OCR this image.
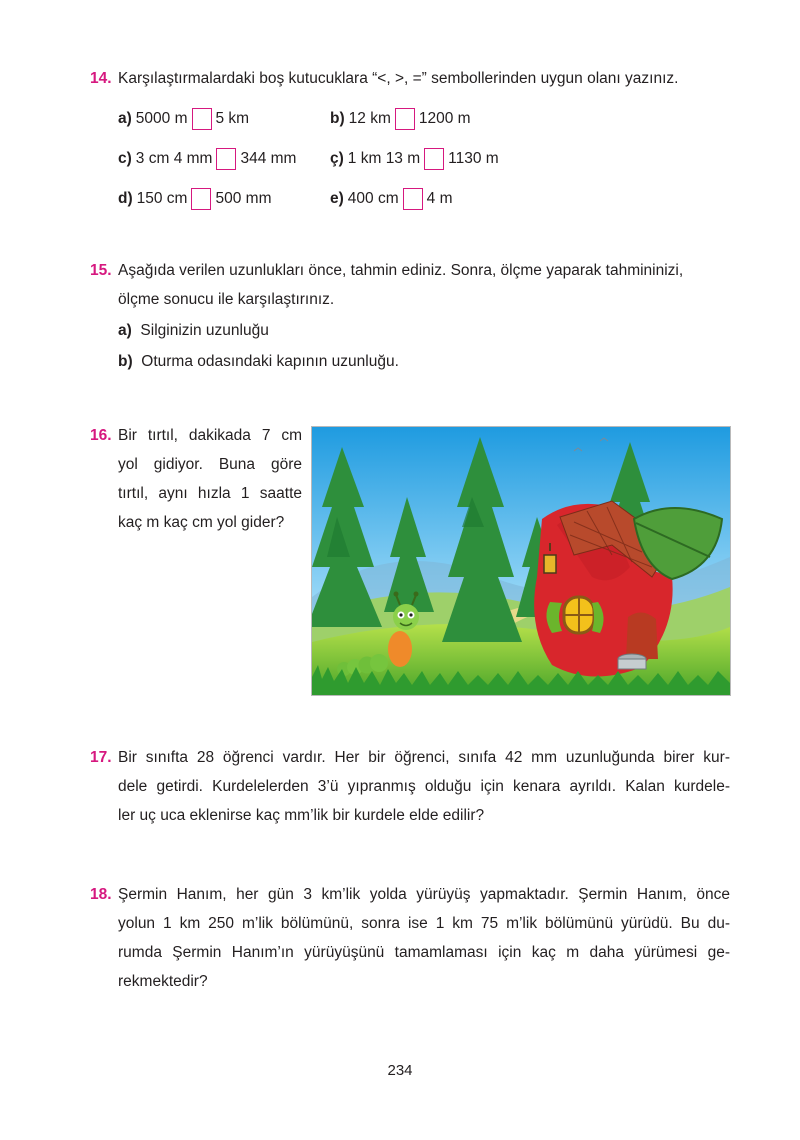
14. Karşılaştırmalardaki boş kutucuklara “<, >, =” sembollerinden uygun olanı yazınız.
a) 5000 m 5 km	b) 12 km 1200 m
c) 3 cm 4 mm 344 mm ç) 1 km 13 m 1130 m
d) 150 cm 500 mm	e) 400 cm 4 m
15. Aşağıda verilen uzunlukları önce, tahmin ediniz. Sonra, ölçme yaparak tahmininizi,
ölçme sonucu ile karşılaştırınız.
a) Silginizin uzunluğu
b) Oturma odasındaki kapının uzunluğu.
16. Bir tırtıl, dakikada 7 cm
yol gidiyor. Buna göre
tırtıl, aynı hızla 1 saatte
kaç m kaç cm yol gider?
17. Bir sınıfta 28 öğrenci vardır. Her bir öğrenci, sınıfa 42 mm uzunluğunda birer kur-
dele getirdi. Kurdelelerden 3’ü yıpranmış olduğu için kenara ayrıldı. Kalan kurdele-
ler uç uca eklenirse kaç mm’lik bir kurdele elde edilir?
18. Şermin Hanım, her gün 3 km’lik yolda yürüyüş yapmaktadır. Şermin Hanım, önce
yolun 1 km 250 m’lik bölümünü, sonra ise 1 km 75 m’lik bölümünü yürüdü. Bu du-
rumda Şermin Hanım’ın yürüyüşünü tamamlaması için kaç m daha yürümesi ge-
rekmektedir?
234
